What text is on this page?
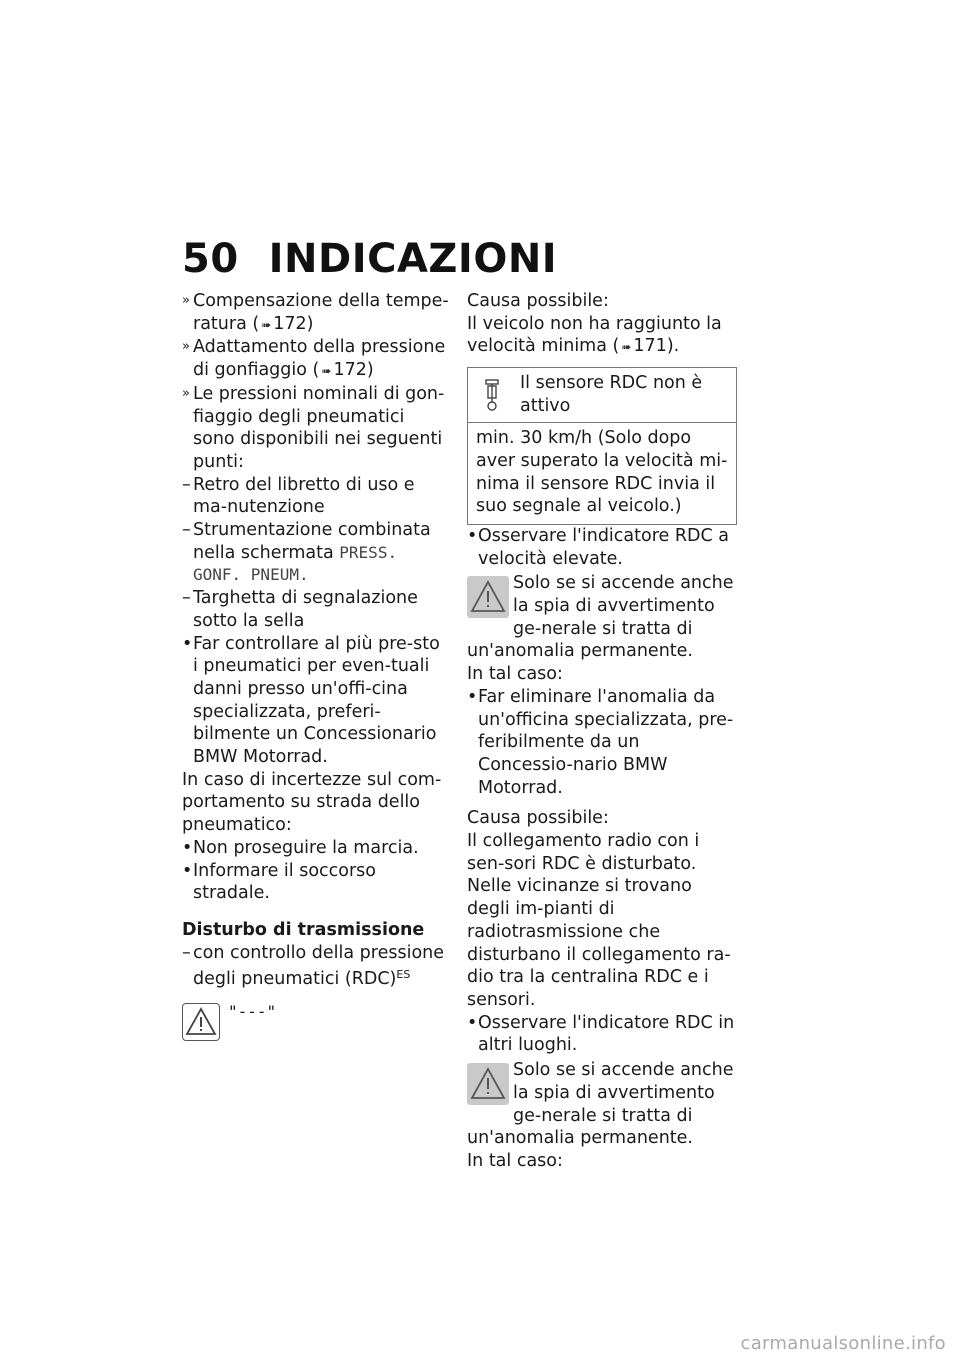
50 INDICAZIONI
» Compensazione della tempe-ratura ( ➠ 172)
» Adattamento della pressione di gonfiaggio ( ➠ 172)
» Le pressioni nominali di gon-fiaggio degli pneumatici sono disponibili nei seguenti punti:
– Retro del libretto di uso e ma-nutenzione
– Strumentazione combinata nella schermata PRESS. GONF. PNEUM.
– Targhetta di segnalazione sotto la sella
• Far controllare al più pre-sto i pneumatici per even-tuali danni presso un'offi-cina specializzata, preferi-bilmente un Concessionario BMW Motorrad.

In caso di incertezze sul com-portamento su strada dello pneumatico:

• Non proseguire la marcia.
• Informare il soccorso stradale.

Disturbo di trasmissione

– con controllo della pressione degli pneumatici (RDC)$^{ES}$
"---"

Causa possibile:

Il veicolo non ha raggiunto la velocità minima ( ➠ 171).

Il sensore RDC non è attivo
min. 30 km/h (Solo dopo aver superato la velocità mi-nima il sensore RDC invia il suo segnale al veicolo.)
• Osservare l'indicatore RDC a velocità elevate.
Solo se si accende anche la spia di avvertimento ge-nerale si tratta di un'anomalia permanente.

In tal caso:

• Far eliminare l'anomalia da un'officina specializzata, pre-feribilmente da un Concessio-nario BMW Motorrad.

Causa possibile:

Il collegamento radio con i sen-sori RDC è disturbato. Nelle vicinanze si trovano degli im-pianti di radiotrasmissione che disturbano il collegamento ra-dio tra la centralina RDC e i sensori.

• Osservare l'indicatore RDC in altri luoghi.
Solo se si accende anche la spia di avvertimento ge-nerale si tratta di un'anomalia permanente.

In tal caso:

carmanualsonline.info
